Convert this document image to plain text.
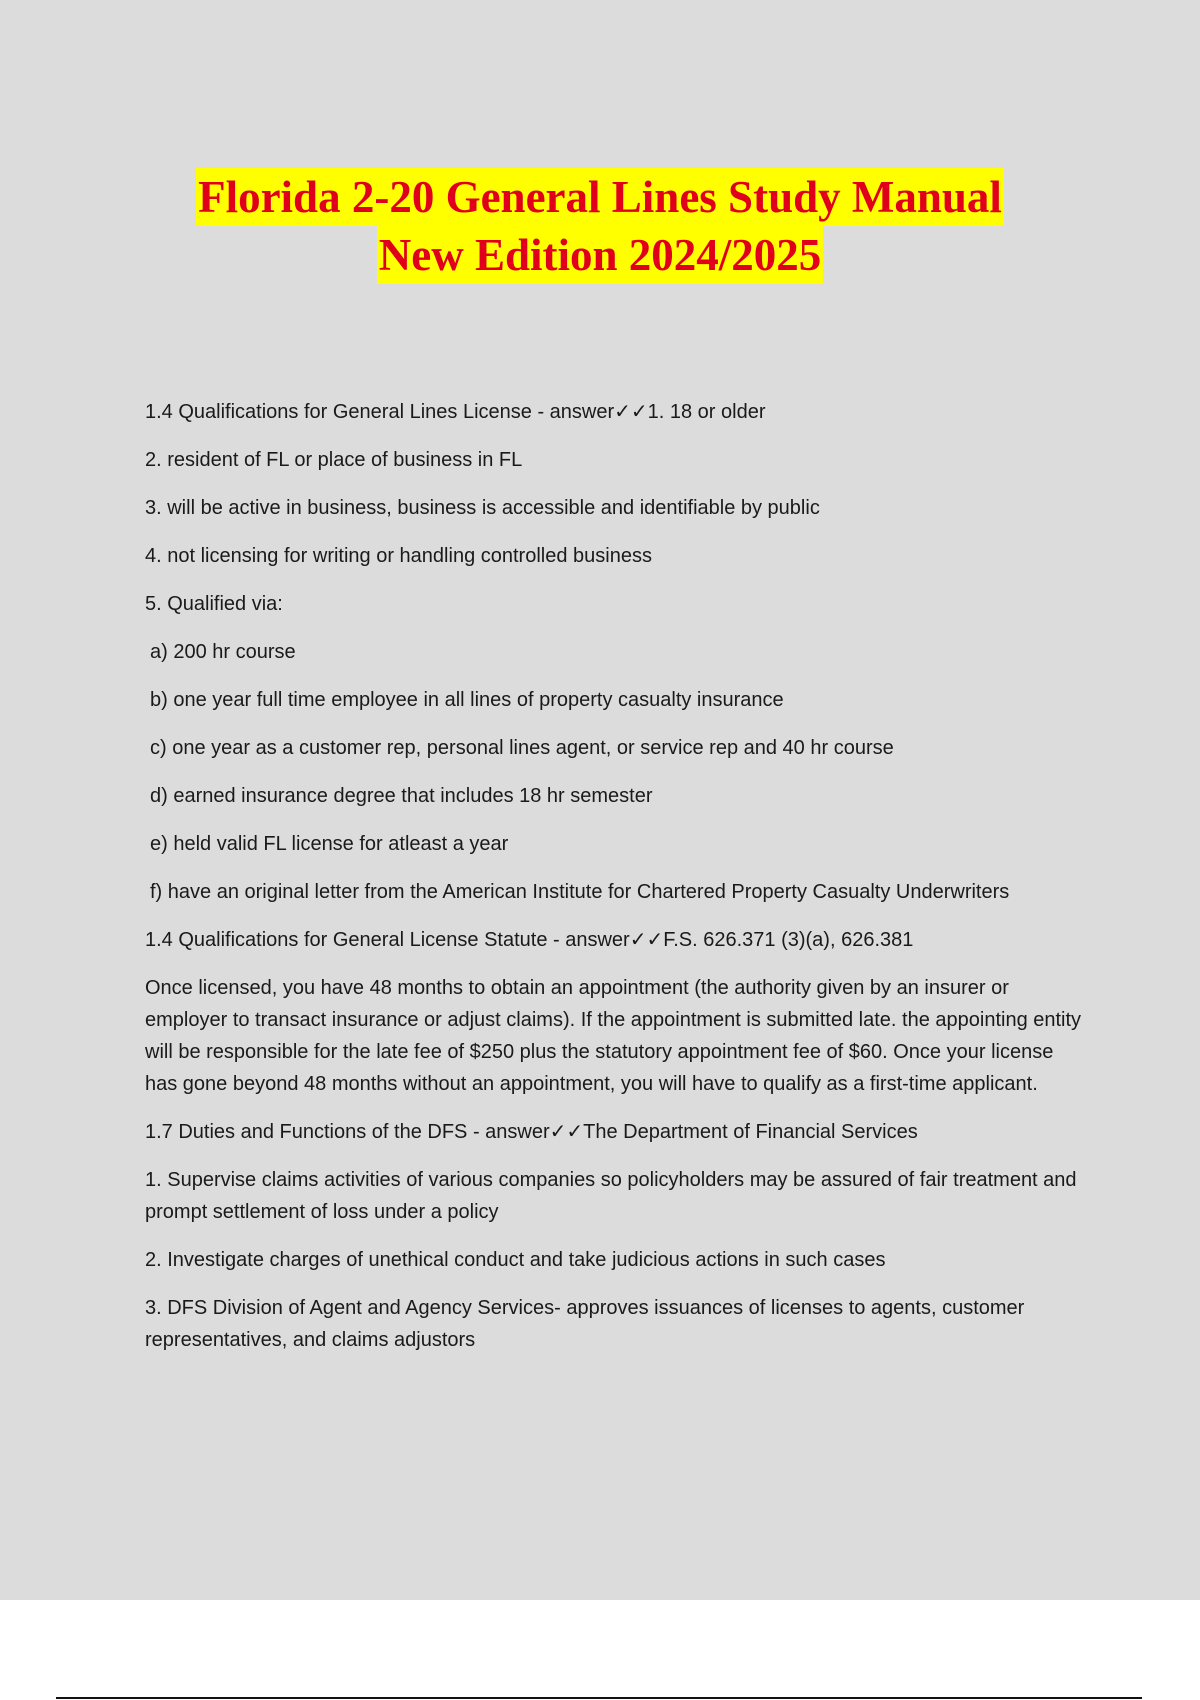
Florida 2-20 General Lines Study Manual
New Edition 2024/2025

1.4 Qualifications for General Lines License - answer✓✓1. 18 or older

2. resident of FL or place of business in FL

3. will be active in business, business is accessible and identifiable by public

4. not licensing for writing or handling controlled business

5. Qualified via:

a) 200 hr course

b) one year full time employee in all lines of property casualty insurance

c) one year as a customer rep, personal lines agent, or service rep and 40 hr course

d) earned insurance degree that includes 18 hr semester

e) held valid FL license for atleast a year

f) have an original letter from the American Institute for Chartered Property Casualty Underwriters

1.4 Qualifications for General License Statute - answer✓✓F.S. 626.371 (3)(a), 626.381

Once licensed, you have 48 months to obtain an appointment (the authority given by an insurer or employer to transact insurance or adjust claims). If the appointment is submitted late. the appointing entity will be responsible for the late fee of $250 plus the statutory appointment fee of $60. Once your license has gone beyond 48 months without an appointment, you will have to qualify as a first-time applicant.

1.7 Duties and Functions of the DFS - answer✓✓The Department of Financial Services

1. Supervise claims activities of various companies so policyholders may be assured of fair treatment and prompt settlement of loss under a policy

2. Investigate charges of unethical conduct and take judicious actions in such cases

3. DFS Division of Agent and Agency Services- approves issuances of licenses to agents, customer representatives, and claims adjustors
